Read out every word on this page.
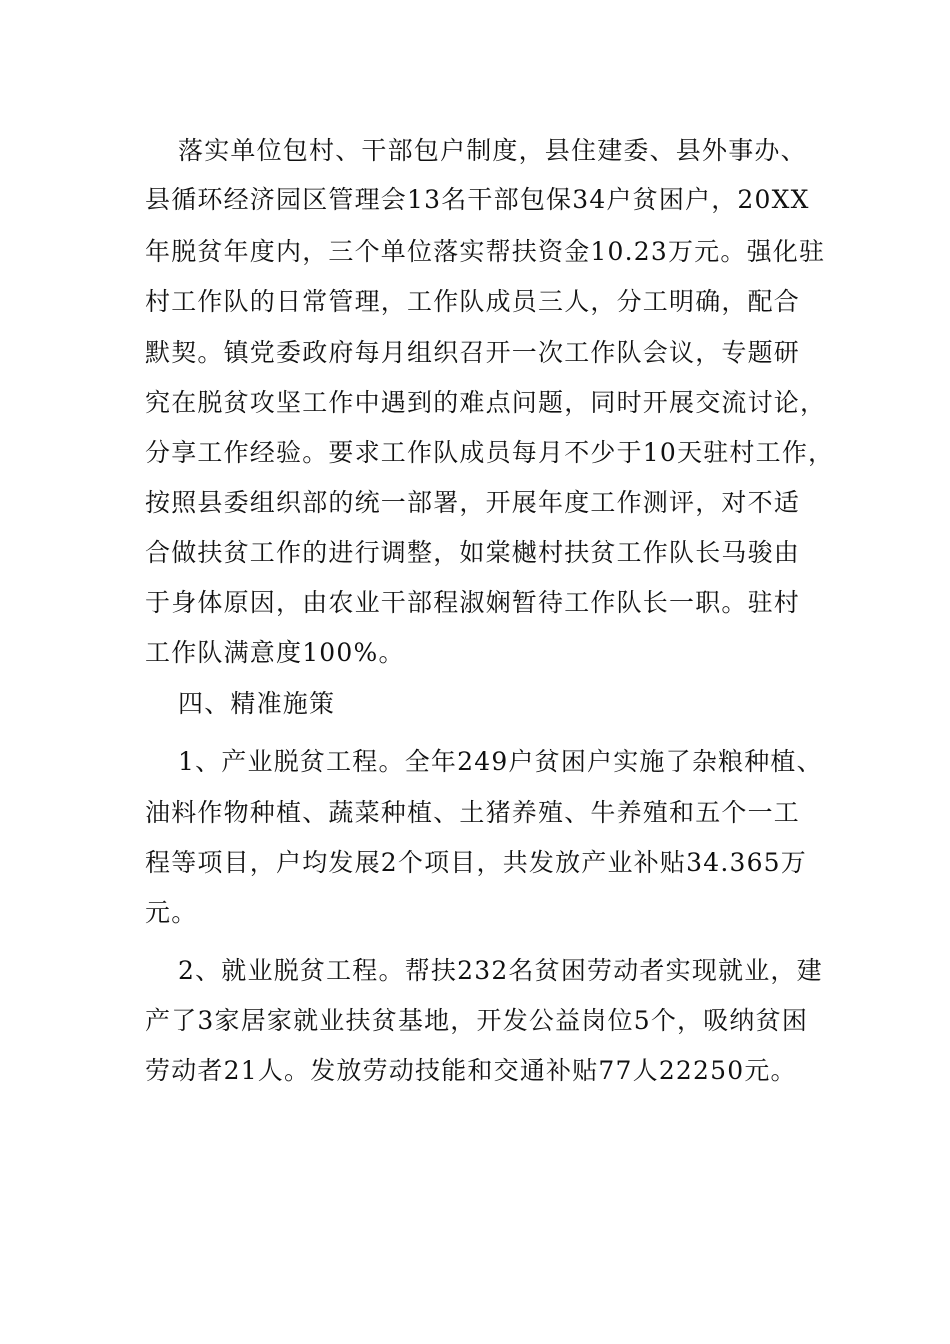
落实单位包村、干部包户制度，县住建委、县外事办、

县循环经济园区管理会13名干部包保34户贫困户，20XX

年脱贫年度内，三个单位落实帮扶资金10.23万元。强化驻

村工作队的日常管理，工作队成员三人，分工明确，配合

默契。镇党委政府每月组织召开一次工作队会议，专题研

究在脱贫攻坚工作中遇到的难点问题，同时开展交流讨论，

分享工作经验。要求工作队成员每月不少于10天驻村工作，

按照县委组织部的统一部署，开展年度工作测评，对不适

合做扶贫工作的进行调整，如棠樾村扶贫工作队长马骏由

于身体原因，由农业干部程淑娴暂待工作队长一职。驻村

工作队满意度100%。

四、精准施策

1、产业脱贫工程。全年249户贫困户实施了杂粮种植、

油料作物种植、蔬菜种植、土猪养殖、牛养殖和五个一工

程等项目，户均发展2个项目，共发放产业补贴34.365万

元。

2、就业脱贫工程。帮扶232名贫困劳动者实现就业，建

产了3家居家就业扶贫基地，开发公益岗位5个，吸纳贫困

劳动者21人。发放劳动技能和交通补贴77人22250元。
